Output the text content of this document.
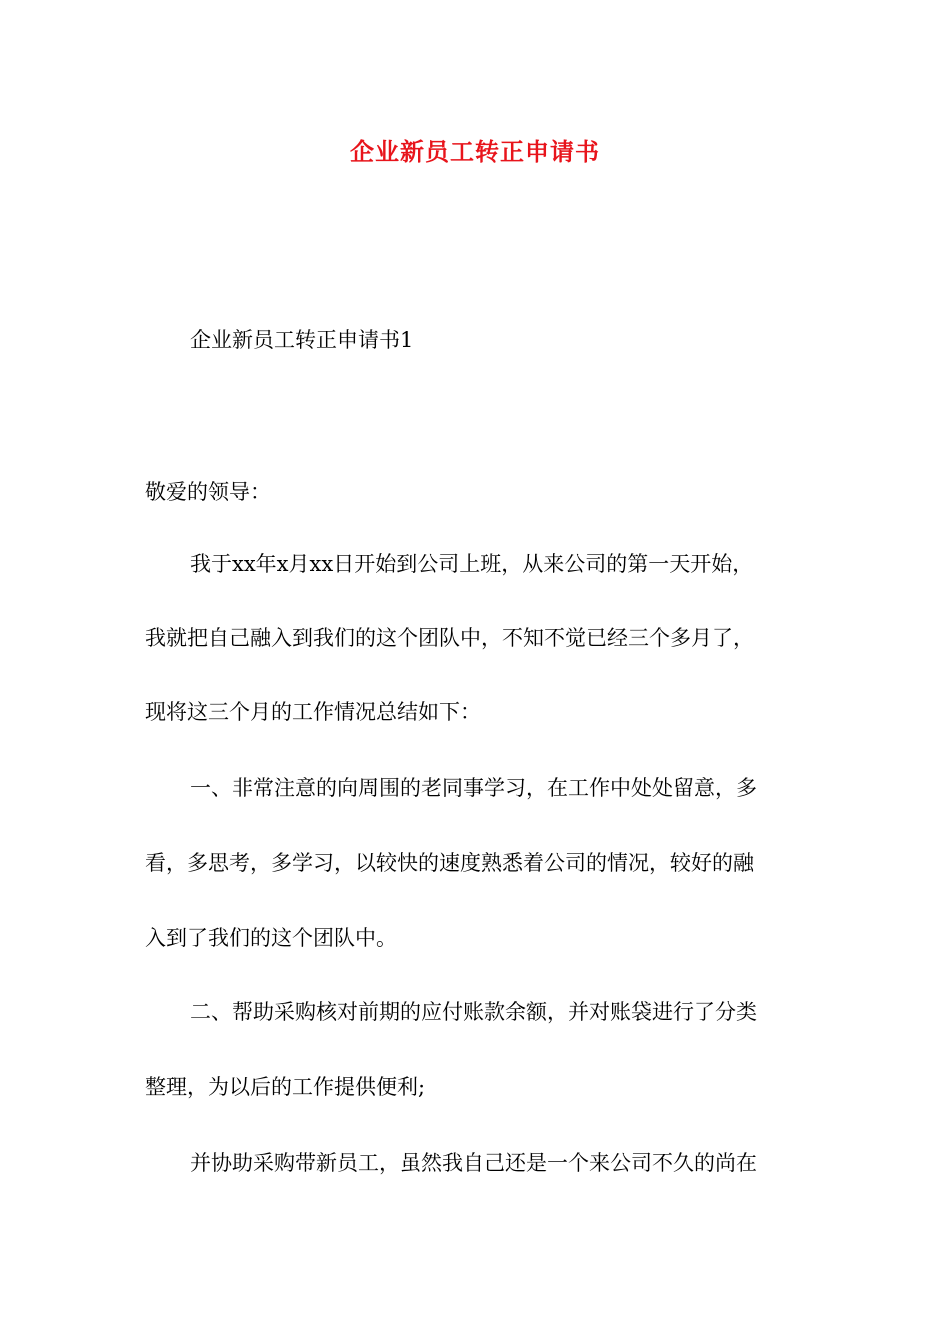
企业新员工转正申请书
企业新员工转正申请书1
敬爱的领导：
我于xx年x月xx日开始到公司上班，从来公司的第一天开始，
我就把自己融入到我们的这个团队中，不知不觉已经三个多月了，
现将这三个月的工作情况总结如下：
一、非常注意的向周围的老同事学习，在工作中处处留意，多
看，多思考，多学习，以较快的速度熟悉着公司的情况，较好的融
入到了我们的这个团队中。
二、帮助采购核对前期的应付账款余额，并对账袋进行了分类
整理，为以后的工作提供便利;
并协助采购带新员工，虽然我自己还是一个来公司不久的尚在
